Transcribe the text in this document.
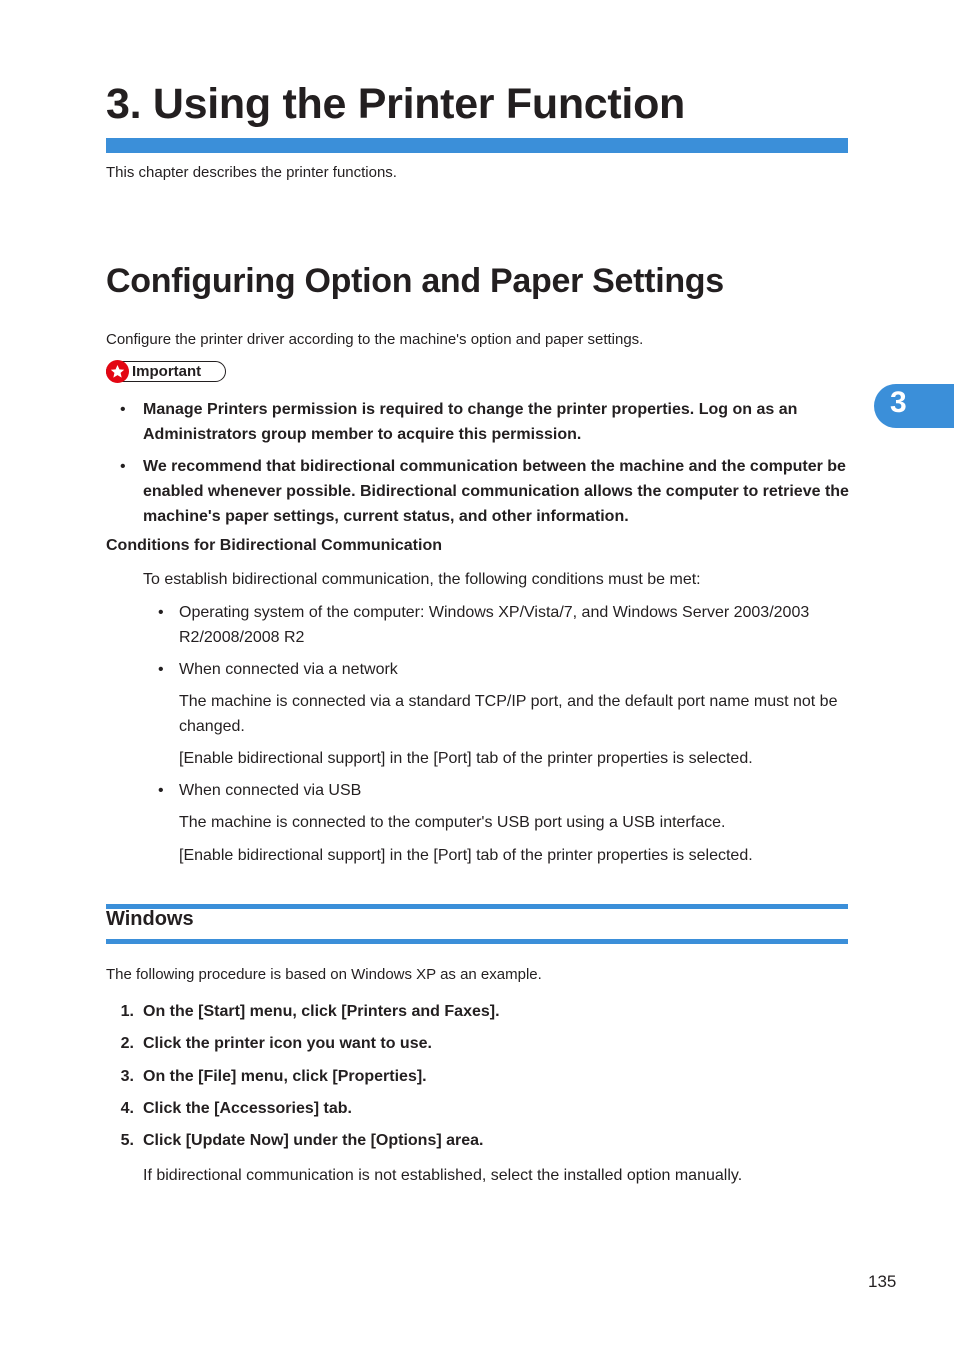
3. Using the Printer Function
This chapter describes the printer functions.
Configuring Option and Paper Settings
Configure the printer driver according to the machine's option and paper settings.
Important
• Manage Printers permission is required to change the printer properties. Log on as an
Administrators group member to acquire this permission.
• We recommend that bidirectional communication between the machine and the computer be
enabled whenever possible. Bidirectional communication allows the computer to retrieve the
machine's paper settings, current status, and other information.
Conditions for Bidirectional Communication
To establish bidirectional communication, the following conditions must be met:
• Operating system of the computer: Windows XP/Vista/7, and Windows Server 2003/2003
R2/2008/2008 R2
• When connected via a network
The machine is connected via a standard TCP/IP port, and the default port name must not be
changed.
[Enable bidirectional support] in the [Port] tab of the printer properties is selected.
• When connected via USB
The machine is connected to the computer's USB port using a USB interface.
[Enable bidirectional support] in the [Port] tab of the printer properties is selected.
Windows
The following procedure is based on Windows XP as an example.
1. On the [Start] menu, click [Printers and Faxes].
2. Click the printer icon you want to use.
3. On the [File] menu, click [Properties].
4. Click the [Accessories] tab.
5. Click [Update Now] under the [Options] area.
If bidirectional communication is not established, select the installed option manually.
3
135
